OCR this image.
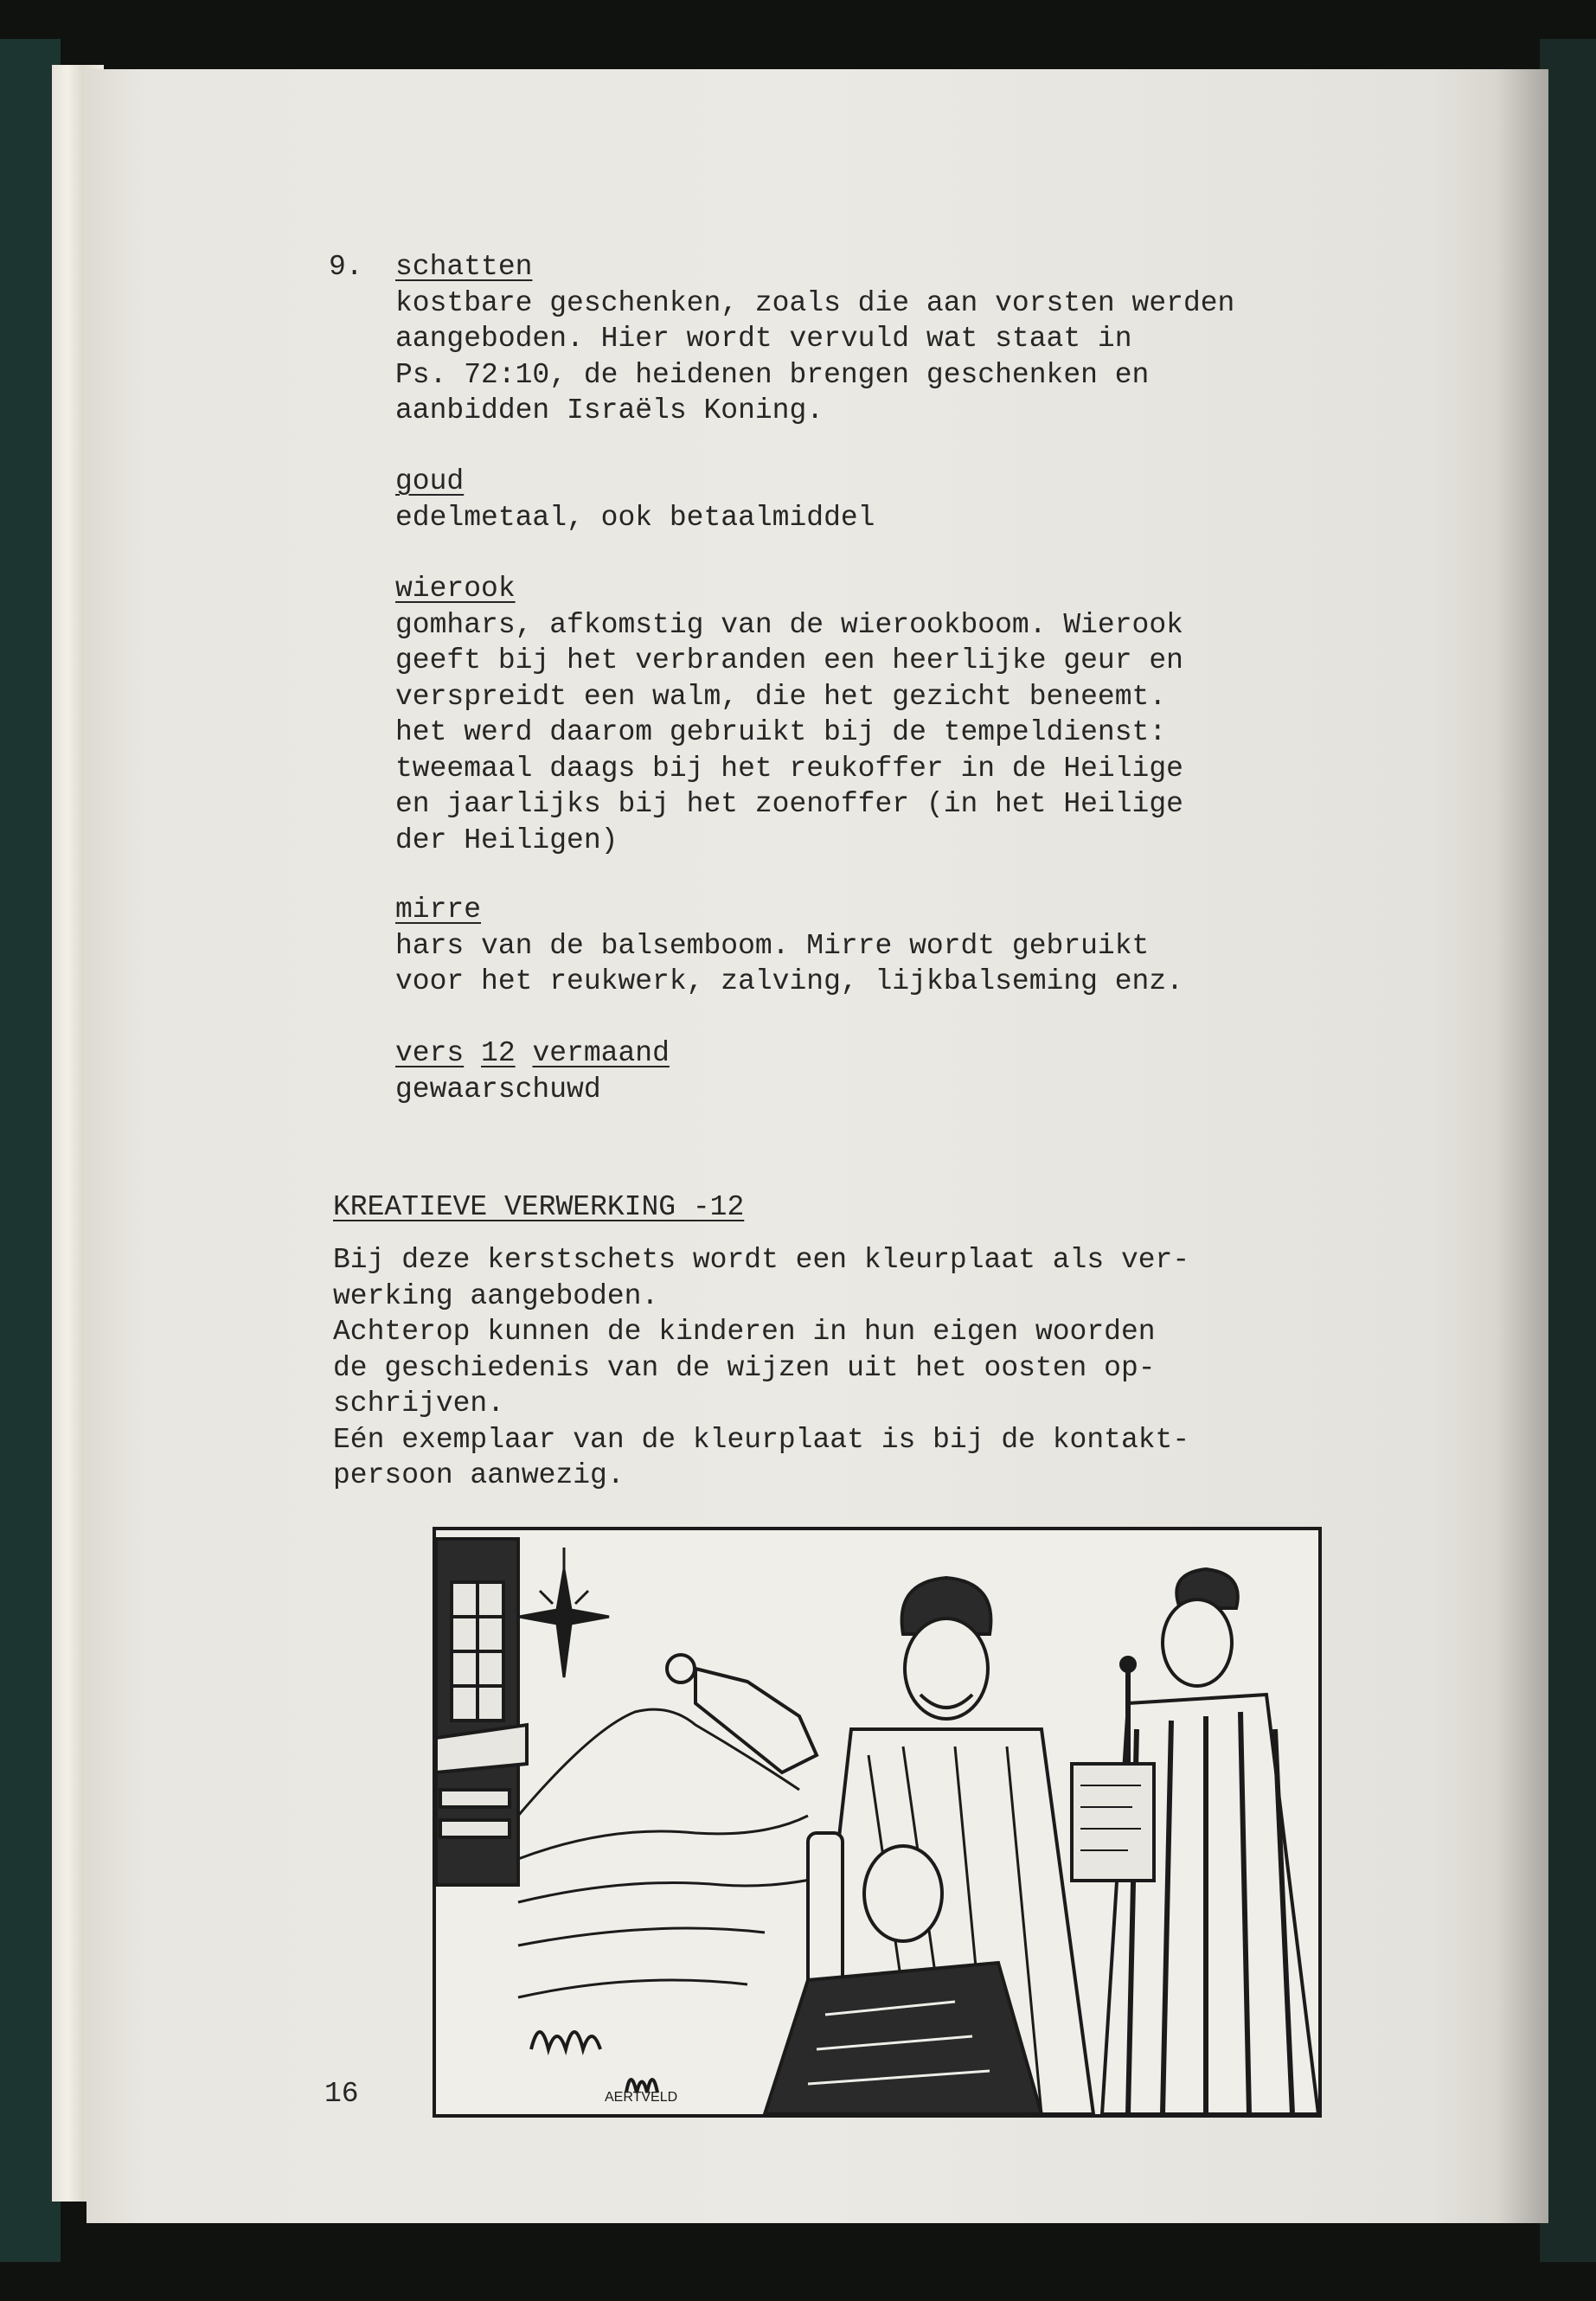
9. schatten
kostbare geschenken, zoals die aan vorsten werden
aangeboden. Hier wordt vervuld wat staat in
Ps. 72:10, de heidenen brengen geschenken en
aanbidden Israëls Koning.
goud
edelmetaal, ook betaalmiddel
wierook
gomhars, afkomstig van de wierookboom. Wierook
geeft bij het verbranden een heerlijke geur en
verspreidt een walm, die het gezicht beneemt.
het werd daarom gebruikt bij de tempeldienst:
tweemaal daags bij het reukoffer in de Heilige
en jaarlijks bij het zoenoffer (in het Heilige
der Heiligen)
mirre
hars van de balsemboom. Mirre wordt gebruikt
voor het reukwerk, zalving, lijkbalseming enz.
vers 12 vermaand
gewaarschuwd
KREATIEVE VERWERKING -12
Bij deze kerstschets wordt een kleurplaat als ver-
werking aangeboden.
Achterop kunnen de kinderen in hun eigen woorden
de geschiedenis van de wijzen uit het oosten op-
schrijven.
Eén exemplaar van de kleurplaat is bij de kontakt-
persoon aanwezig.
AERTVELD
16
